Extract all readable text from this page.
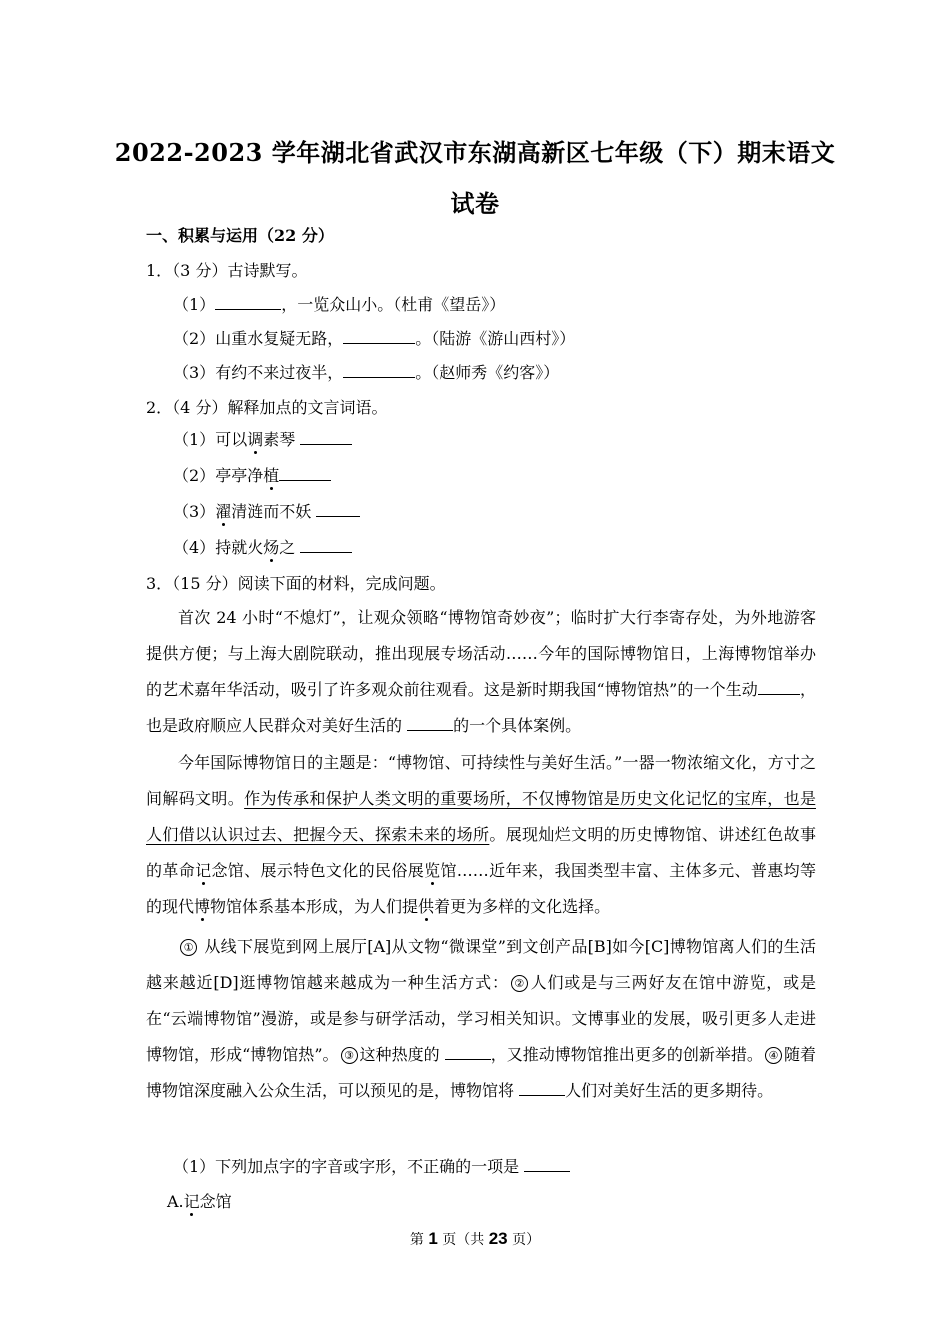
2022-2023 学年湖北省武汉市东湖高新区七年级（下）期末语文
试卷
一、积累与运用（22 分）
1．（3 分）古诗默写。
（1）	，一览众山小。（杜甫《望岳》）
（2）山重水复疑无路，	。（陆游《游山西村》）
（3）有约不来过夜半，	。（赵师秀《约客》）
2．（4 分）解释加点的文言词语。
（1）可以调素琴
（2）亭亭净植
（3）濯清涟而不妖
（4）持就火炀之
3．（15 分）阅读下面的材料，完成问题。
首次 24 小时“不熄灯”，让观众领略“博物馆奇妙夜”；临时扩大行李寄存处，为外地游客提供方便；与上海大剧院联动，推出现展专场活动……今年的国际博物馆日，上海博物馆举办的艺术嘉年华活动，吸引了许多观众前往观看。这是新时期我国“博物馆热”的一个生动	，也是政府顺应人民群众对美好生活的	的一个具体案例。
今年国际博物馆日的主题是：“博物馆、可持续性与美好生活。”一器一物浓缩文化，方寸之间解码文明。作为传承和保护人类文明的重要场所，不仅博物馆是历史文化记忆的宝库，也是人们借以认识过去、把握今天、探索未来的场所。展现灿烂文明的历史博物馆、讲述红色故事的革命记念馆、展示特色文化的民俗展览馆……近年来，我国类型丰富、主体多元、普惠均等的现代博物馆体系基本形成，为人们提供着更为多样的文化选择。
① 从线下展览到网上展厅[A]从文物“微课堂”到文创产品[B]如今[C]博物馆离人们的生活越来越近[D]逛博物馆越来越成为一种生活方式： ② 人们或是与三两好友在馆中游览，或是在“云端博物馆”漫游，或是参与研学活动，学习相关知识。文博事业的发展，吸引更多人走进博物馆，形成“博物馆热”。 ③ 这种热度的	，又推动博物馆推出更多的创新举措。 ④ 随着博物馆深度融入公众生活，可以预见的是，博物馆将	人们对美好生活的更多期待。
（1）下列加点字的字音或字形，不正确的一项是
A.记念馆
第 1 页（共 23 页）
